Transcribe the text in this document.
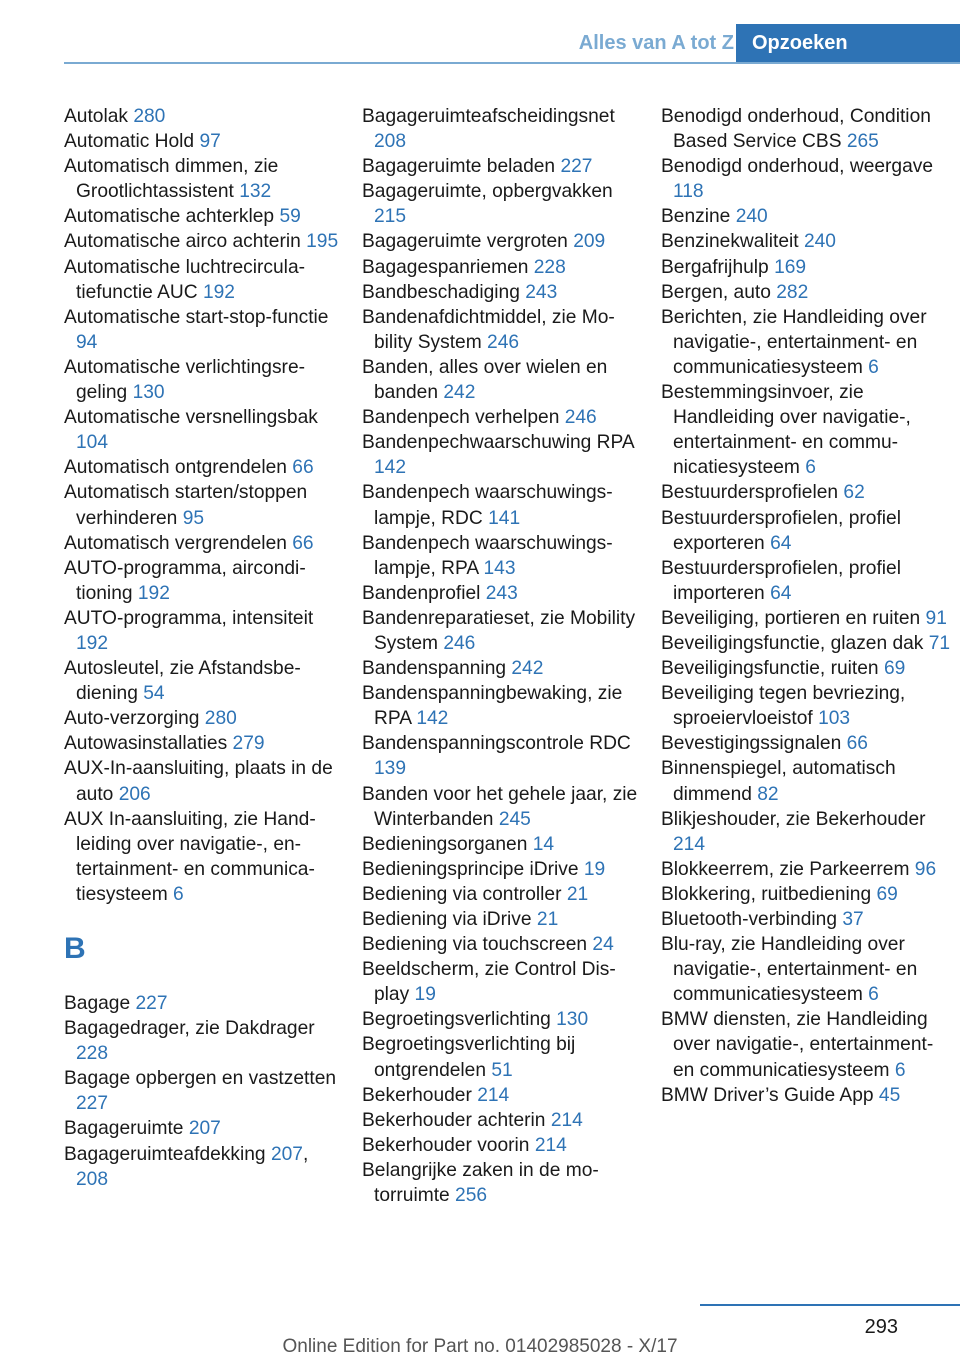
Alles van A tot Z Opzoeken
Autolak 280
Automatic Hold 97
Automatisch dimmen, zie Grootlichtassistent 132
Automatische achterklep 59
Automatische airco achterin 195
Automatische luchtrecirculatiefunctie AUC 192
Automatische start-stop-functie 94
Automatische verlichtingsregeling 130
Automatische versnellingsbak 104
Automatisch ontgrendelen 66
Automatisch starten/stoppen verhinderen 95
Automatisch vergrendelen 66
AUTO-programma, airconditioning 192
AUTO-programma, intensiteit 192
Autosleutel, zie Afstandsbediening 54
Auto-verzorging 280
Autowasinstallaties 279
AUX-In-aansluiting, plaats in de auto 206
AUX In-aansluiting, zie Handleiding over navigatie-, entertainment- en communicatiesysteem 6
B
Bagage 227
Bagagedrager, zie Dakdrager 228
Bagage opbergen en vastzetten 227
Bagageruimte 207
Bagageruimteafdekking 207, 208
Bagageruimteafscheidingsnet 208
Bagageruimte beladen 227
Bagageruimte, opbergvakken 215
Bagageruimte vergroten 209
Bagagespanriemen 228
Bandbeschadiging 243
Bandenafdichtmiddel, zie Mobility System 246
Banden, alles over wielen en banden 242
Bandenpech verhelpen 246
Bandenpechwaarschuwing RPA 142
Bandenpech waarschuwingslampje, RDC 141
Bandenpech waarschuwingslampje, RPA 143
Bandenprofiel 243
Bandenreparatieset, zie Mobility System 246
Bandenspanning 242
Bandenspanningbewaking, zie RPA 142
Bandenspanningscontrole RDC 139
Banden voor het gehele jaar, zie Winterbanden 245
Bedieningsorganen 14
Bedieningsprincipe iDrive 19
Bediening via controller 21
Bediening via iDrive 21
Bediening via touchscreen 24
Beeldscherm, zie Control Display 19
Begroetingsverlichting 130
Begroetingsverlichting bij ontgrendelen 51
Bekerhouder 214
Bekerhouder achterin 214
Bekerhouder voorin 214
Belangrijke zaken in de motorruimte 256
Benodigd onderhoud, Condition Based Service CBS 265
Benodigd onderhoud, weergave 118
Benzine 240
Benzinekwaliteit 240
Bergafrijhulp 169
Bergen, auto 282
Berichten, zie Handleiding over navigatie-, entertainment- en communicatiesysteem 6
Bestemmingsinvoer, zie Handleiding over navigatie-, entertainment- en communicatiesysteem 6
Bestuurdersprofielen 62
Bestuurdersprofielen, profiel exporteren 64
Bestuurdersprofielen, profiel importeren 64
Beveiliging, portieren en ruiten 91
Beveiligingsfunctie, glazen dak 71
Beveiligingsfunctie, ruiten 69
Beveiliging tegen bevriezing, sproeiervloeistof 103
Bevestigingssignalen 66
Binnenspiegel, automatisch dimmend 82
Blikjeshouder, zie Bekerhouder 214
Blokkeerrem, zie Parkeerrem 96
Blokkering, ruitbediening 69
Bluetooth-verbinding 37
Blu-ray, zie Handleiding over navigatie-, entertainment- en communicatiesysteem 6
BMW diensten, zie Handleiding over navigatie-, entertainment- en communicatiesysteem 6
BMW Driver’s Guide App 45
293
Online Edition for Part no. 01402985028 - X/17
